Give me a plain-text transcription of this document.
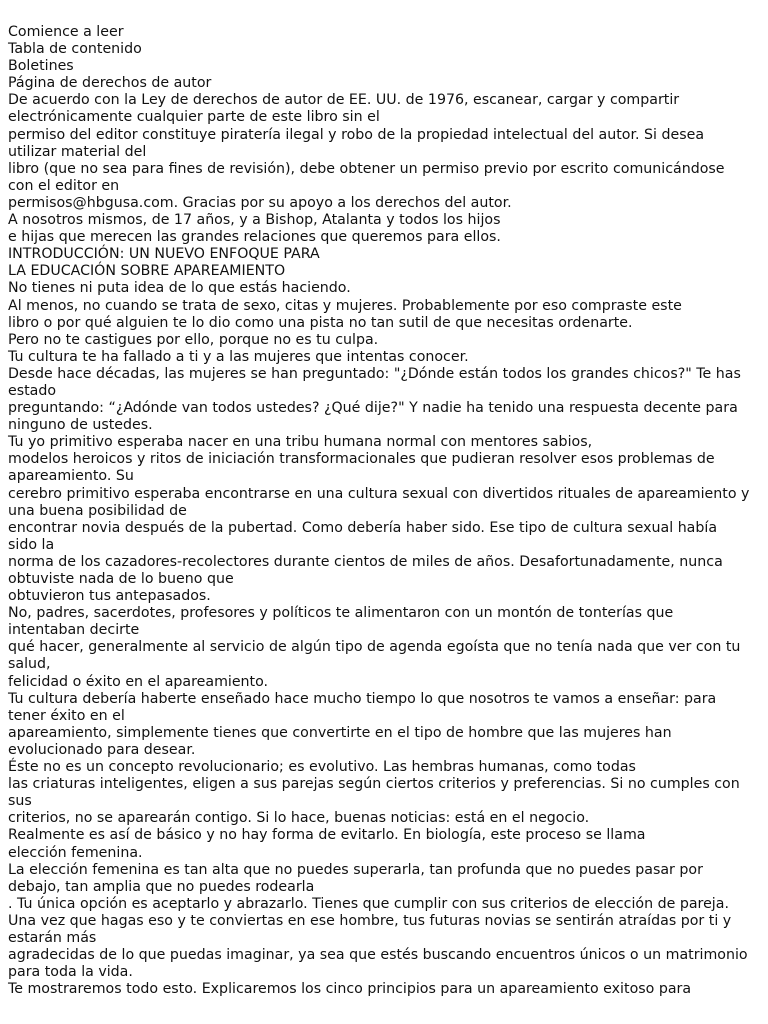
Comience a leer
Tabla de contenido
Boletines
Página de derechos de autor
De acuerdo con la Ley de derechos de autor de EE. UU. de 1976, escanear, cargar y compartir
electrónicamente cualquier parte de este libro sin el
permiso del editor constituye piratería ilegal y robo de la propiedad intelectual del autor. Si desea
utilizar material del
libro (que no sea para fines de revisión), debe obtener un permiso previo por escrito comunicándose
con el editor en
permisos@hbgusa.com. Gracias por su apoyo a los derechos del autor.
A nosotros mismos, de 17 años, y a Bishop, Atalanta y todos los hijos
e hijas que merecen las grandes relaciones que queremos para ellos.
INTRODUCCIÓN: UN NUEVO ENFOQUE PARA
LA EDUCACIÓN SOBRE APAREAMIENTO
No tienes ni puta idea de lo que estás haciendo.
Al menos, no cuando se trata de sexo, citas y mujeres. Probablemente por eso compraste este
libro o por qué alguien te lo dio como una pista no tan sutil de que necesitas ordenarte.
Pero no te castigues por ello, porque no es tu culpa.
Tu cultura te ha fallado a ti y a las mujeres que intentas conocer.
Desde hace décadas, las mujeres se han preguntado: "¿Dónde están todos los grandes chicos?" Te has
estado
preguntando: “¿Adónde van todos ustedes? ¿Qué dije?" Y nadie ha tenido una respuesta decente para
ninguno de ustedes.
Tu yo primitivo esperaba nacer en una tribu humana normal con mentores sabios,
modelos heroicos y ritos de iniciación transformacionales que pudieran resolver esos problemas de
apareamiento. Su
cerebro primitivo esperaba encontrarse en una cultura sexual con divertidos rituales de apareamiento y
una buena posibilidad de
encontrar novia después de la pubertad. Como debería haber sido. Ese tipo de cultura sexual había
sido la
norma de los cazadores-recolectores durante cientos de miles de años. Desafortunadamente, nunca
obtuviste nada de lo bueno que
obtuvieron tus antepasados.
No, padres, sacerdotes, profesores y políticos te alimentaron con un montón de tonterías que
intentaban decirte
qué hacer, generalmente al servicio de algún tipo de agenda egoísta que no tenía nada que ver con tu
salud,
felicidad o éxito en el apareamiento.
Tu cultura debería haberte enseñado hace mucho tiempo lo que nosotros te vamos a enseñar: para
tener éxito en el
apareamiento, simplemente tienes que convertirte en el tipo de hombre que las mujeres han
evolucionado para desear.
Éste no es un concepto revolucionario; es evolutivo. Las hembras humanas, como todas
las criaturas inteligentes, eligen a sus parejas según ciertos criterios y preferencias. Si no cumples con
sus
criterios, no se aparearán contigo. Si lo hace, buenas noticias: está en el negocio.
Realmente es así de básico y no hay forma de evitarlo. En biología, este proceso se llama
elección femenina.
La elección femenina es tan alta que no puedes superarla, tan profunda que no puedes pasar por
debajo, tan amplia que no puedes rodearla
. Tu única opción es aceptarlo y abrazarlo. Tienes que cumplir con sus criterios de elección de pareja.
Una vez que hagas eso y te conviertas en ese hombre, tus futuras novias se sentirán atraídas por ti y
estarán más
agradecidas de lo que puedas imaginar, ya sea que estés buscando encuentros únicos o un matrimonio
para toda la vida.
Te mostraremos todo esto. Explicaremos los cinco principios para un apareamiento exitoso para
